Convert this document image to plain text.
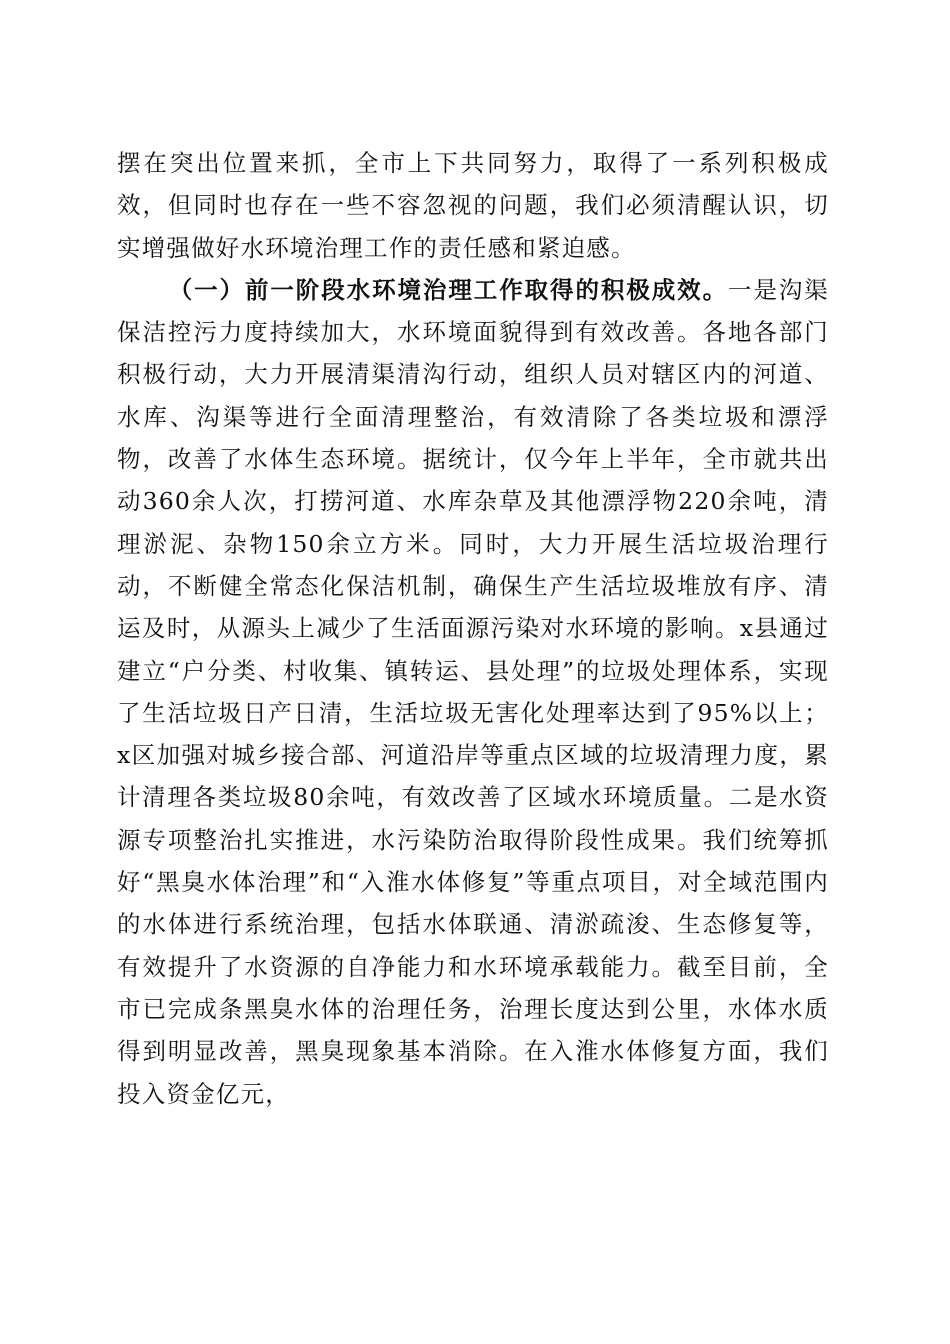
摆在突出位置来抓，全市上下共同努力，取得了一系列积极成效，但同时也存在一些不容忽视的问题，我们必须清醒认识，切实增强做好水环境治理工作的责任感和紧迫感。

（一）前一阶段水环境治理工作取得的积极成效。一是沟渠保洁控污力度持续加大，水环境面貌得到有效改善。各地各部门积极行动，大力开展清渠清沟行动，组织人员对辖区内的河道、水库、沟渠等进行全面清理整治，有效清除了各类垃圾和漂浮物，改善了水体生态环境。据统计，仅今年上半年，全市就共出动360余人次，打捞河道、水库杂草及其他漂浮物220余吨，清理淤泥、杂物150余立方米。同时，大力开展生活垃圾治理行动，不断健全常态化保洁机制，确保生产生活垃圾堆放有序、清运及时，从源头上减少了生活面源污染对水环境的影响。x县通过建立“户分类、村收集、镇转运、县处理”的垃圾处理体系，实现了生活垃圾日产日清，生活垃圾无害化处理率达到了95%以上；x区加强对城乡接合部、河道沿岸等重点区域的垃圾清理力度，累计清理各类垃圾80余吨，有效改善了区域水环境质量。二是水资源专项整治扎实推进，水污染防治取得阶段性成果。我们统筹抓好“黑臭水体治理”和“入淮水体修复”等重点项目，对全域范围内的水体进行系统治理，包括水体联通、清淤疏浚、生态修复等，有效提升了水资源的自净能力和水环境承载能力。截至目前，全市已完成条黑臭水体的治理任务，治理长度达到公里，水体水质得到明显改善，黑臭现象基本消除。在入淮水体修复方面，我们投入资金亿元，
